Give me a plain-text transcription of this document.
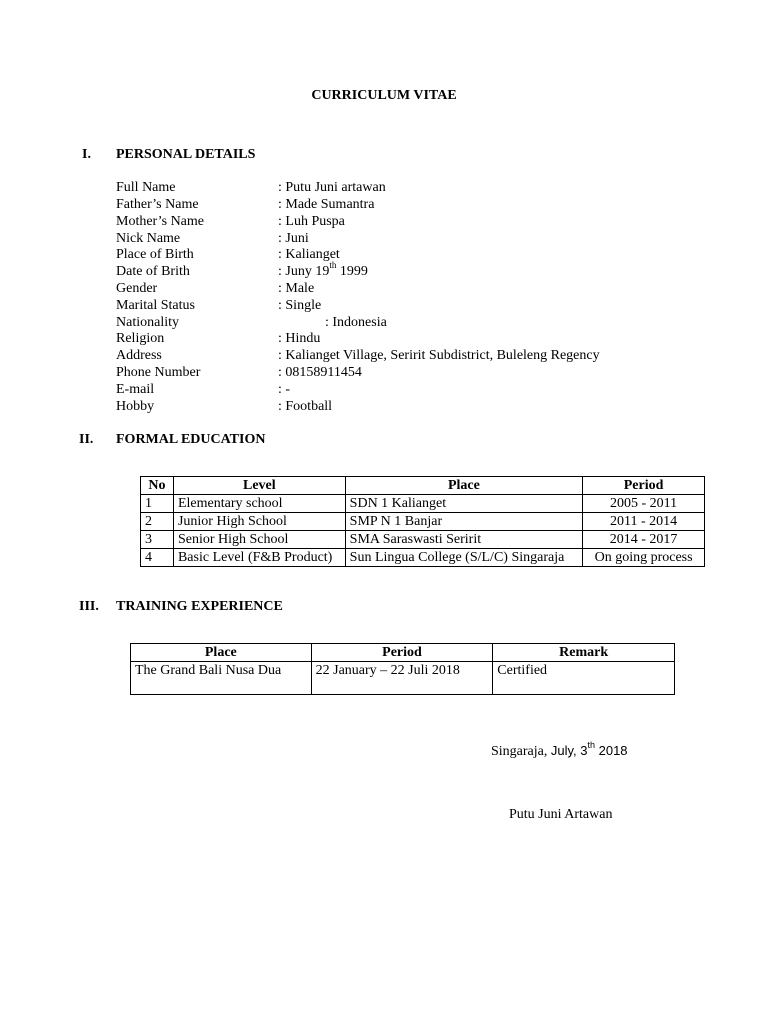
CURRICULUM VITAE
I. PERSONAL DETAILS
Full Name	: Putu Juni artawan
Father’s Name	: Made Sumantra
Mother’s Name	: Luh Puspa
Nick Name	: Juni
Place of Birth	: Kalianget
Date of Brith	: Juny 19th 1999
Gender	: Male
Marital Status	: Single
Nationality	: Indonesia
Religion	: Hindu
Address	: Kalianget Village, Seririt Subdistrict, Buleleng Regency
Phone Number	: 08158911454
E-mail	: -
Hobby	: Football
II. FORMAL EDUCATION
No	Level	Place	Period
1	Elementary school	SDN 1 Kalianget	2005 - 2011
2	Junior High School	SMP N 1 Banjar	2011 - 2014
3	Senior High School	SMA Saraswasti Seririt	2014 - 2017
4	Basic Level (F&B Product)	Sun Lingua College (S/L/C) Singaraja	On going process
III. TRAINING EXPERIENCE
Place	Period	Remark
The Grand Bali Nusa Dua	22 January – 22 Juli 2018	Certified
Singaraja, July, 3th 2018
Putu Juni Artawan
